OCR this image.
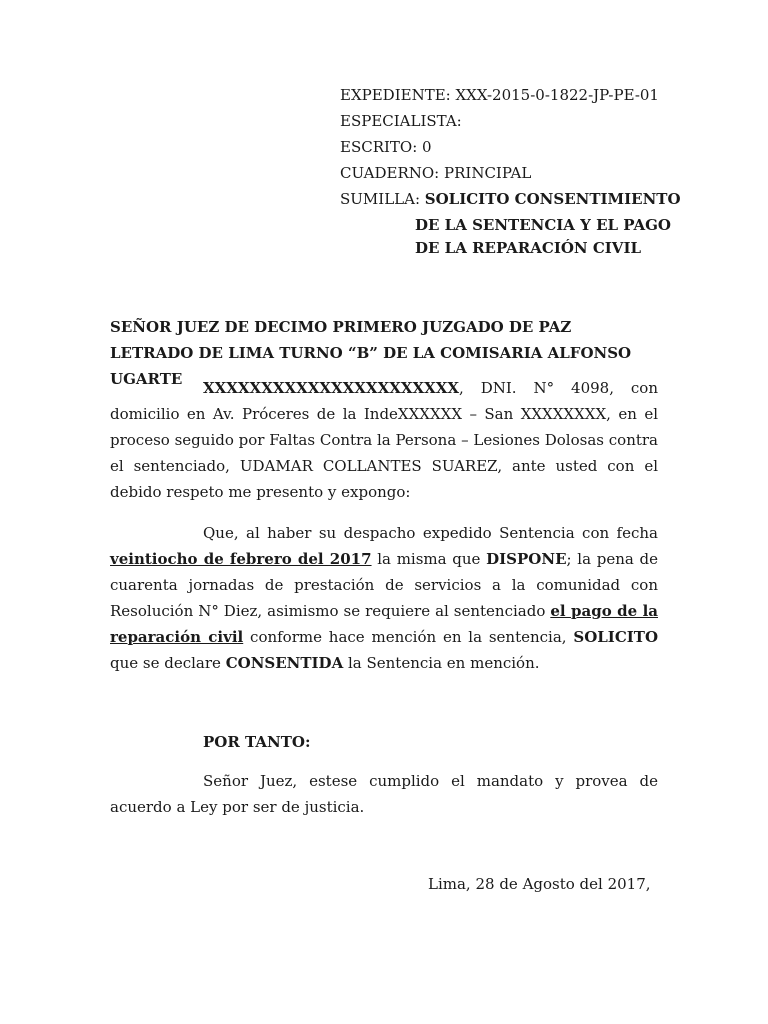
EXPEDIENTE: XXX-2015-0-1822-JP-PE-01
ESPECIALISTA:
ESCRITO: 0
CUADERNO: PRINCIPAL
SUMILLA: SOLICITO CONSENTIMIENTO
DE LA SENTENCIA Y EL PAGO
DE LA REPARACIÓN CIVIL
SEÑOR JUEZ DE DECIMO PRIMERO JUZGADO DE PAZ LETRADO DE LIMA TURNO “B” DE LA COMISARIA ALFONSO UGARTE	XXXXXXXXXXXXXXXXXXXXXX, DNI. N° 4098, con domicilio en Av. Próceres de la IndeXXXXXX – San XXXXXXXX, en el proceso seguido por Faltas Contra la Persona – Lesiones Dolosas contra el sentenciado, UDAMAR COLLANTES SUAREZ, ante usted con el debido respeto me presento y expongo:
Que, al haber su despacho expedido Sentencia con fecha veintiocho de febrero del 2017 la misma que DISPONE; la pena de cuarenta jornadas de prestación de servicios a la comunidad con Resolución N° Diez, asimismo se requiere al sentenciado el pago de la reparación civil conforme hace mención en la sentencia, SOLICITO que se declare CONSENTIDA la Sentencia en mención.
POR TANTO:
Señor Juez, estese cumplido el mandato y provea de acuerdo a Ley por ser de justicia.
Lima, 28 de Agosto del 2017,
